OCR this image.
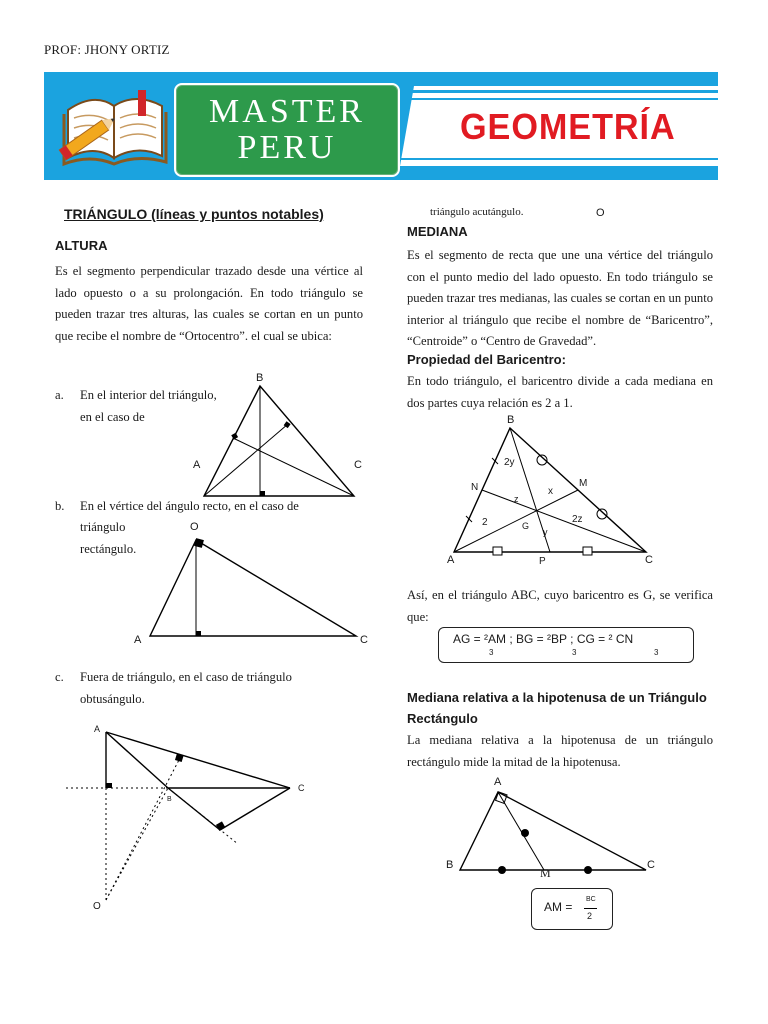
PROF: JHONY ORTIZ
MASTER
PERU
GEOMETRÍA
TRIÁNGULO (líneas y puntos notables)
ALTURA
Es el segmento perpendicular trazado desde una vértice al lado opuesto o a su prolongación. En todo triángulo se pueden trazar tres alturas, las cuales se cortan en un punto que recibe el nombre de “Ortocentro”. el cual se ubica:
a. En el interior del triángulo,
en el caso de
B
A	C
b. En el vértice del ángulo recto, en el caso de
triángulo
rectángulo.
O
A	C
c. Fuera de triángulo, en el caso de triángulo
obtusángulo.
A
B
C
O
triángulo acutángulo.	O
MEDIANA
Es el segmento de recta que une una vértice del triángulo con el punto medio del lado opuesto. En todo triángulo se pueden trazar tres medianas, las cuales se cortan en un punto interior al triángulo que recibe el nombre de “Baricentro”, “Centroide” o “Centro de Gravedad”.
Propiedad del Baricentro:
En todo triángulo, el baricentro divide a cada mediana en dos partes cuya relación es 2 a 1.
B
A	C
N	M
P
G
2y
x
z
2
y
2z
Así, en el triángulo ABC, cuyo baricentro es G, se verifica que:
AG = ²AM ; BG = ²BP ; CG = ² CN
3	3	3
Mediana relativa a la hipotenusa de un Triángulo
Rectángulo
La mediana relativa a la hipotenusa de un triángulo rectángulo mide la mitad de la hipotenusa.
A
B	C
M
AM =
BC
2
